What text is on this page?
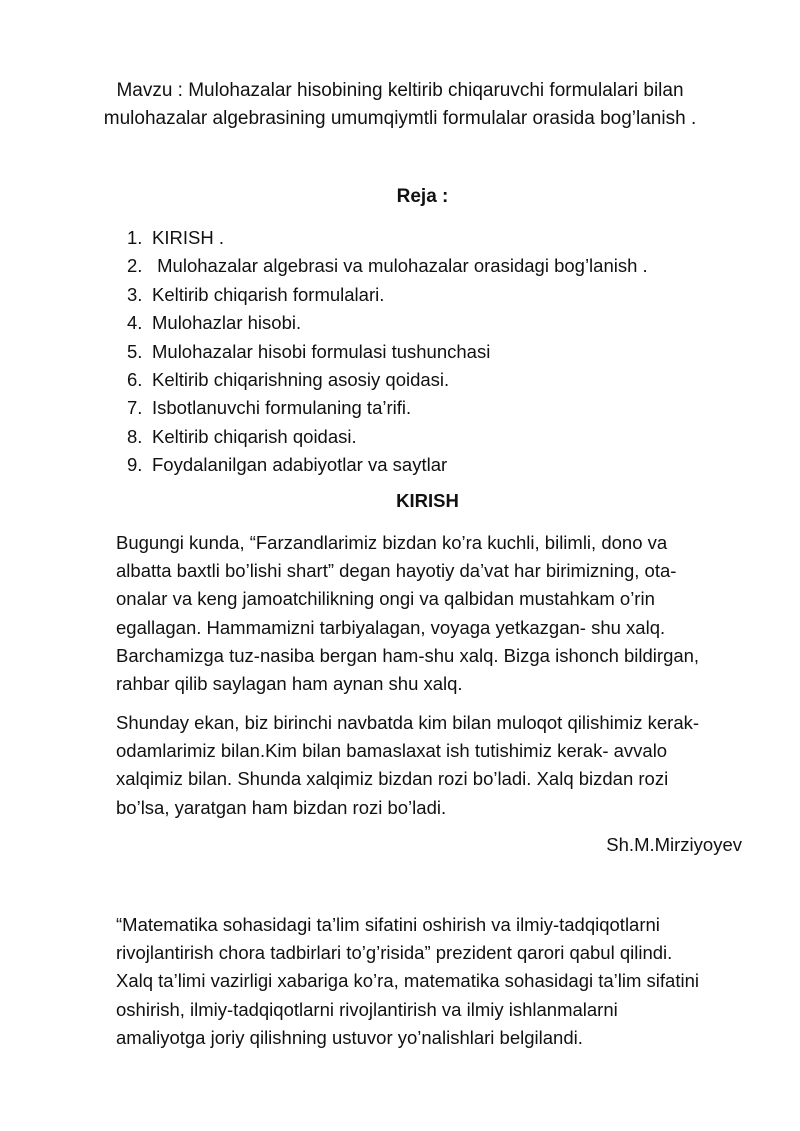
Mavzu : Mulohazalar hisobining keltirib chiqaruvchi formulalari bilan
mulohazalar algebrasining umumqiymtli formulalar orasida bog’lanish .
Reja :
1. KIRISH .
2. Mulohazalar algebrasi va mulohazalar orasidagi bog’lanish .
3. Keltirib chiqarish formulalari.
4. Mulohazlar hisobi.
5. Mulohazalar hisobi formulasi tushunchasi
6. Keltirib chiqarishning asosiy qoidasi.
7. Isbotlanuvchi formulaning ta’rifi.
8. Keltirib chiqarish qoidasi.
9. Foydalanilgan adabiyotlar va saytlar
KIRISH

Bugungi kunda, “Farzandlarimiz bizdan ko’ra kuchli, bilimli, dono va
albatta baxtli bo’lishi shart” degan hayotiy da’vat har birimizning, ota-
onalar va keng jamoatchilikning ongi va qalbidan mustahkam o’rin
egallagan. Hammamizni tarbiyalagan, voyaga yetkazgan- shu xalq.
Barchamizga tuz-nasiba bergan ham-shu xalq. Bizga ishonch bildirgan,
rahbar qilib saylagan ham aynan shu xalq.

Shunday ekan, biz birinchi navbatda kim bilan muloqot qilishimiz kerak-
odamlarimiz bilan.Kim bilan bamaslaxat ish tutishimiz kerak- avvalo
xalqimiz bilan. Shunda xalqimiz bizdan rozi bo’ladi. Xalq bizdan rozi
bo’lsa, yaratgan ham bizdan rozi bo’ladi.

Sh.M.Mirziyoyev

“Matematika sohasidagi ta’lim sifatini oshirish va ilmiy-tadqiqotlarni
rivojlantirish chora tadbirlari to’g’risida” prezident qarori qabul qilindi.
Xalq ta’limi vazirligi xabariga ko’ra, matematika sohasidagi ta’lim sifatini
oshirish, ilmiy-tadqiqotlarni rivojlantirish va ilmiy ishlanmalarni
amaliyotga joriy qilishning ustuvor yo’nalishlari belgilandi.
